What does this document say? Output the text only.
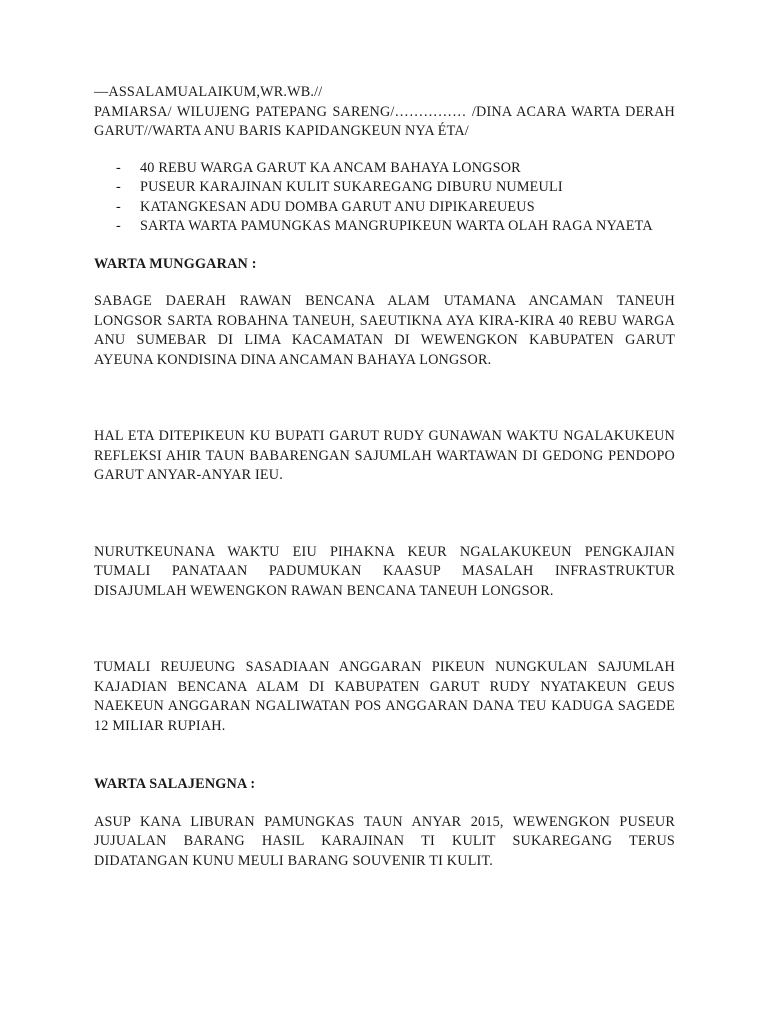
—ASSALAMUALAIKUM,WR.WB.//

PAMIARSA/ WILUJENG PATEPANG SARENG/…………… /DINA ACARA WARTA DERAH GARUT//WARTA ANU BARIS KAPIDANGKEUN NYA ÉTA/

- 40 REBU WARGA GARUT KA ANCAM BAHAYA LONGSOR
- PUSEUR KARAJINAN KULIT SUKAREGANG DIBURU NUMEULI
- KATANGKESAN ADU DOMBA GARUT ANU DIPIKAREUEUS
- SARTA WARTA PAMUNGKAS MANGRUPIKEUN WARTA OLAH RAGA NYAETA

WARTA MUNGGARAN :

SABAGE DAERAH RAWAN BENCANA ALAM UTAMANA ANCAMAN TANEUH LONGSOR SARTA ROBAHNA TANEUH, SAEUTIKNA AYA KIRA-KIRA 40 REBU WARGA ANU SUMEBAR DI LIMA KACAMATAN DI WEWENGKON KABUPATEN GARUT AYEUNA KONDISINA DINA ANCAMAN BAHAYA LONGSOR.

HAL ETA DITEPIKEUN KU BUPATI GARUT RUDY GUNAWAN WAKTU NGALAKUKEUN REFLEKSI AHIR TAUN BABARENGAN SAJUMLAH WARTAWAN DI GEDONG PENDOPO GARUT ANYAR-ANYAR IEU.

NURUTKEUNANA WAKTU EIU PIHAKNA KEUR NGALAKUKEUN PENGKAJIAN TUMALI PANATAAN PADUMUKAN KAASUP MASALAH INFRASTRUKTUR DISAJUMLAH WEWENGKON RAWAN BENCANA TANEUH LONGSOR.

TUMALI REUJEUNG SASADIAAN ANGGARAN PIKEUN NUNGKULAN SAJUMLAH KAJADIAN BENCANA ALAM DI KABUPATEN GARUT RUDY NYATAKEUN GEUS NAEKEUN ANGGARAN NGALIWATAN POS ANGGARAN DANA TEU KADUGA SAGEDE 12 MILIAR RUPIAH.

WARTA SALAJENGNA :

ASUP KANA LIBURAN PAMUNGKAS TAUN ANYAR 2015, WEWENGKON PUSEUR JUJUALAN BARANG HASIL KARAJINAN TI KULIT SUKAREGANG TERUS DIDATANGAN KUNU MEULI BARANG SOUVENIR TI KULIT.
